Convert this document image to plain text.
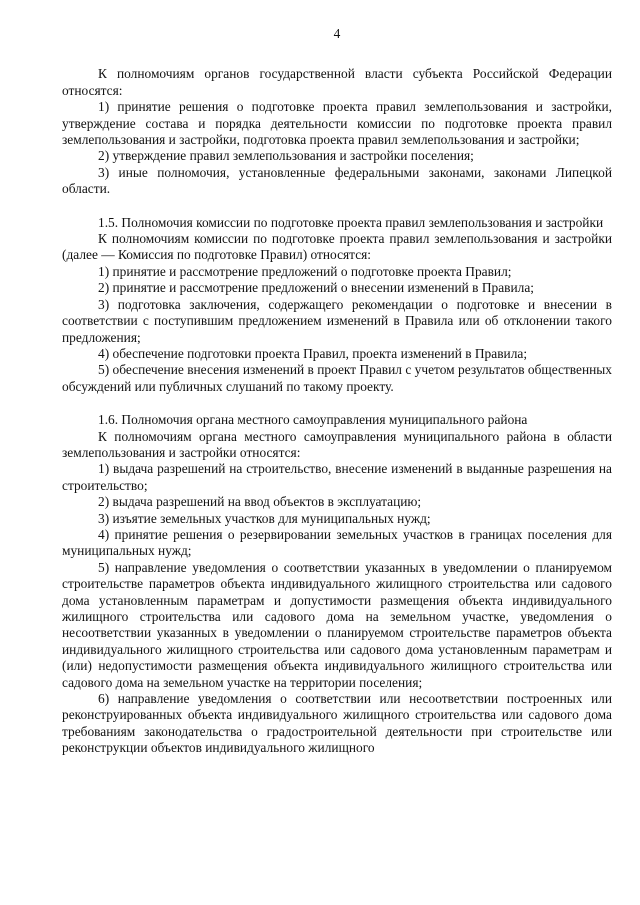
4

К полномочиям органов государственной власти субъекта Российской Федерации относятся:

1) принятие решения о подготовке проекта правил землепользования и застройки, утверждение состава и порядка деятельности комиссии по подготовке проекта правил землепользования и застройки, подготовка проекта правил землепользования и застройки;

2) утверждение правил землепользования и застройки поселения;

3) иные полномочия, установленные федеральными законами, законами Липецкой области.

1.5. Полномочия комиссии по подготовке проекта правил землепользования и застройки

К полномочиям комиссии по подготовке проекта правил землепользования и застройки (далее — Комиссия по подготовке Правил) относятся:

1) принятие и рассмотрение предложений о подготовке проекта Правил;

2) принятие и рассмотрение предложений о внесении изменений в Правила;

3) подготовка заключения, содержащего рекомендации о подготовке и внесении в соответствии с поступившим предложением изменений в Правила или об отклонении такого предложения;

4) обеспечение подготовки проекта Правил, проекта изменений в Правила;

5) обеспечение внесения изменений в проект Правил с учетом результатов общественных обсуждений или публичных слушаний по такому проекту.

1.6. Полномочия органа местного самоуправления муниципального района

К полномочиям органа местного самоуправления муниципального района в области землепользования и застройки относятся:

1) выдача разрешений на строительство, внесение изменений в выданные разрешения на строительство;

2) выдача разрешений на ввод объектов в эксплуатацию;

3) изъятие земельных участков для муниципальных нужд;

4) принятие решения о резервировании земельных участков в границах поселения для муниципальных нужд;

5) направление уведомления о соответствии указанных в уведомлении о планируемом строительстве параметров объекта индивидуального жилищного строительства или садового дома установленным параметрам и допустимости размещения объекта индивидуального жилищного строительства или садового дома на земельном участке, уведомления о несоответствии указанных в уведомлении о планируемом строительстве параметров объекта индивидуального жилищного строительства или садового дома установленным параметрам и (или) недопустимости размещения объекта индивидуального жилищного строительства или садового дома на земельном участке на территории поселения;

6) направление уведомления о соответствии или несоответствии построенных или реконструированных объекта индивидуального жилищного строительства или садового дома требованиям законодательства о градостроительной деятельности при строительстве или реконструкции объектов индивидуального жилищного
